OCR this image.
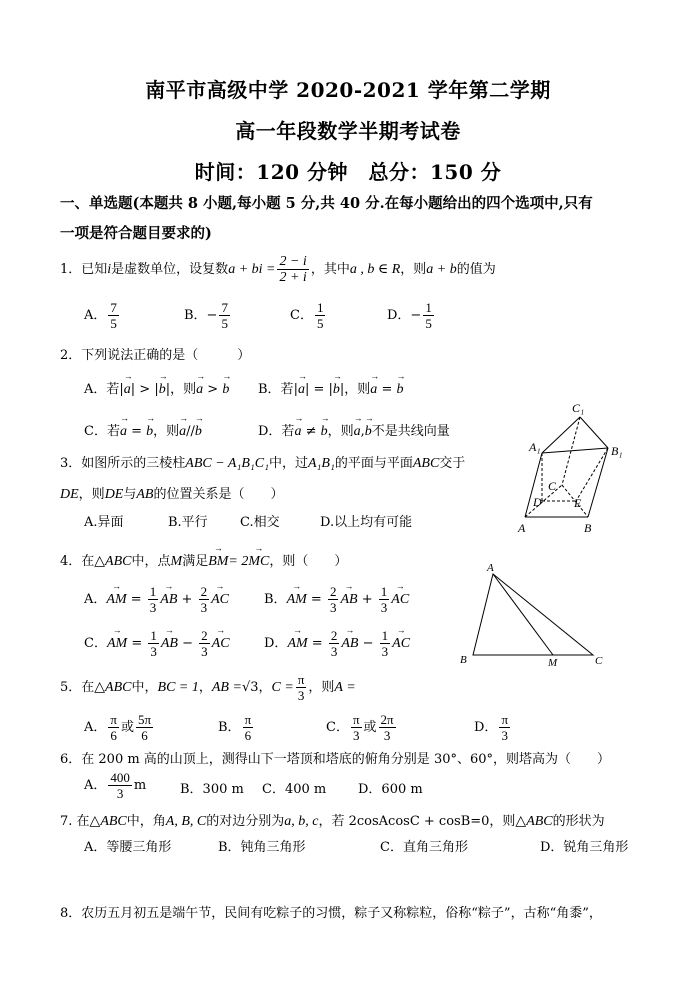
南平市高级中学 2020-2021 学年第二学期
高一年段数学半期考试卷
时间：120 分钟　总分：150 分
一、单选题(本题共 8 小题,每小题 5 分,共 40 分.在每小题给出的四个选项中,只有
一项是符合题目要求的)
1．已知i是虚数单位，设复数a + bi = $\frac{2 - i}{2 + i}$ ，其中a , b ∈ R，则a + b的值为
A． $\frac{7}{5}$	B．− $\frac{7}{5}$	C． $\frac{1}{5}$	D．− $\frac{1}{5}$
2．下列说法正确的是（　　　）
A．若|→ a| > |→ b|，则→ a > → b B．若|→ a| = |→ b|，则→ a = → b
C．若→ a = → b，则→ a//→ b	D．若→ a ≠ → b，则→ a,→ b不是共线向量
3．如图所示的三棱柱ABC − A₁B₁C₁中，过A₁B₁的平面与平面ABC交于
DE，则DE与AB的位置关系是（　　）
A.异面	B.平行 C.相交	D.以上均有可能
C₁
A₁	B₁
C
D	E
A	B
4．在△ABC中，点M满足→ BM= 2→ MC，则（　　）
A．→ AM = $\frac{1}{3}$ → AB + $\frac{2}{3}$ → AC	B．→ AM = $\frac{2}{3}$ → AB + $\frac{1}{3}$ → AC
C．→ AM = $\frac{1}{3}$ → AB − $\frac{2}{3}$ → AC	D．→ AM = $\frac{2}{3}$ → AB − $\frac{1}{3}$ → AC
A
B	M	C
5．在△ABC中，BC = 1，AB =√3，$C = \frac{\pi}{3}$ ，则A =
A． $\frac{\pi}{6}$ 或 $\frac{5\pi}{6}$	B． $\frac{\pi}{6}$	C． $\frac{\pi}{3}$ 或 $\frac{2\pi}{3}$	D． $\frac{\pi}{3}$
6．在 200 m 高的山顶上，测得山下一塔顶和塔底的俯角分别是 30°、60°，则塔高为（　　）
A． $\frac{400}{3}$ m	B．300 m C．400 m D．600 m
7. 在△ABC中，角A, B, C的对边分别为a, b, c，若 2cosAcosC + cosB=0，则△ABC的形状为
A．等腰三角形	B．钝角三角形	C．直角三角形	D．锐角三角形
8．农历五月初五是端午节，民间有吃粽子的习惯，粽子又称粽粒，俗称“粽子”，古称“角黍”，
